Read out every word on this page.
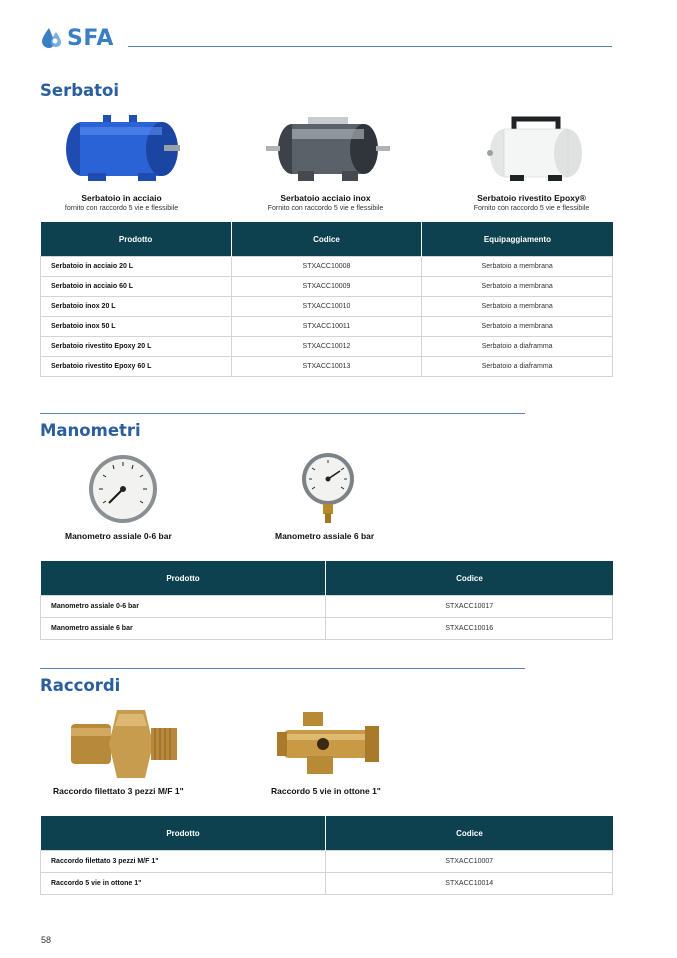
SFA
Serbatoi
Serbatoio in acciaio
fornito con raccordo 5 vie e flessibile
Serbatoio acciaio inox
Fornito con raccordo 5 vie e flessibile
Serbatoio rivestito Epoxy®
Fornito con raccordo 5 vie e flessibile
Prodotto	Codice	Equipaggiamento
Serbatoio in acciaio 20 L	STXACC10008	Serbatoio a membrana
Serbatoio in acciaio 60 L	STXACC10009	Serbatoio a membrana
Serbatoio inox 20 L	STXACC10010	Serbatoio a membrana
Serbatoio inox 50 L	STXACC10011	Serbatoio a membrana
Serbatoio rivestito Epoxy 20 L	STXACC10012	Serbatoio a diaframma
Serbatoio rivestito Epoxy 60 L	STXACC10013	Serbatoio a diaframma
Manometri
Manometro assiale 0-6 bar	Manometro assiale 6 bar
Prodotto	Codice
Manometro assiale 0-6 bar	STXACC10017
Manometro assiale 6 bar	STXACC10016
Raccordi
Raccordo filettato 3 pezzi M/F 1"	Raccordo 5 vie in ottone 1"
Prodotto	Codice
Raccordo filettato 3 pezzi M/F 1"	STXACC10007
Raccordo 5 vie in ottone 1"	STXACC10014
58
